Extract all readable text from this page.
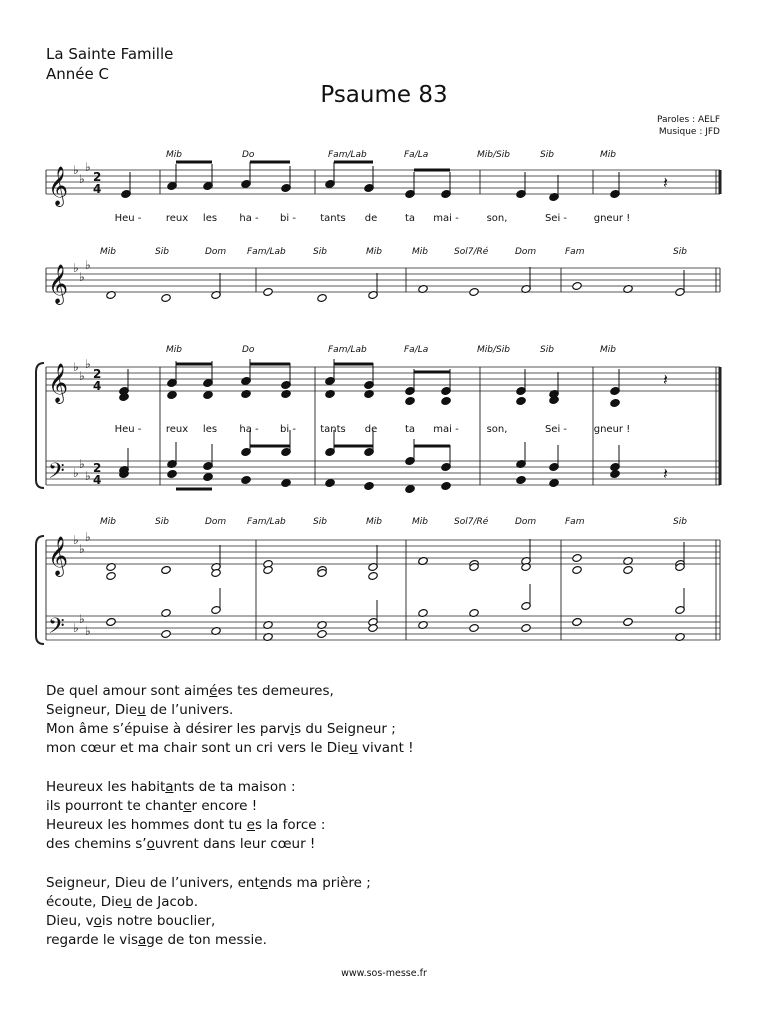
La Sainte Famille
Année C
Psaume 83
Paroles : AELF
Musique : JFD
𝄞 ♭
♭
♭
2
4
Mib	Do	Fam/Lab	Fa/La	Mib/Sib	Sib	Mib
𝄽
Heu - reux les ha - bi - tants de	ta mai -	son,	Sei -	gneur !
𝄞 ♭
♭
♭
Mib	Sib	Dom Fam/Lab	Sib	Mib	Mib	Sol7/Ré	Dom	Fam	Sib
𝄞 ♭
♭
♭
2
4
𝄢 ♭
♭
♭
2
4
Mib	Do	Fam/Lab	Fa/La	Mib/Sib	Sib	Mib
𝄽
Heu - reux les ha - bi - tants de	ta mai -	son,	Sei -	gneur !
𝄽
𝄞 ♭
♭
♭
𝄢 ♭
♭
♭
Mib	Sib	Dom Fam/Lab	Sib	Mib	Mib	Sol7/Ré	Dom	Fam	Sib

De quel amour sont aimées tes demeures,

Seigneur, Dieu de l’univers.

Mon âme s’épuise à désirer les parvis du Seigneur ;

mon cœur et ma chair sont un cri vers le Dieu vivant !

Heureux les habitants de ta maison :

ils pourront te chanter encore !

Heureux les hommes dont tu es la force :

des chemins s’ouvrent dans leur cœur !

Seigneur, Dieu de l’univers, entends ma prière ;

écoute, Dieu de Jacob.

Dieu, vois notre bouclier,

regarde le visage de ton messie.

www.sos-messe.fr
